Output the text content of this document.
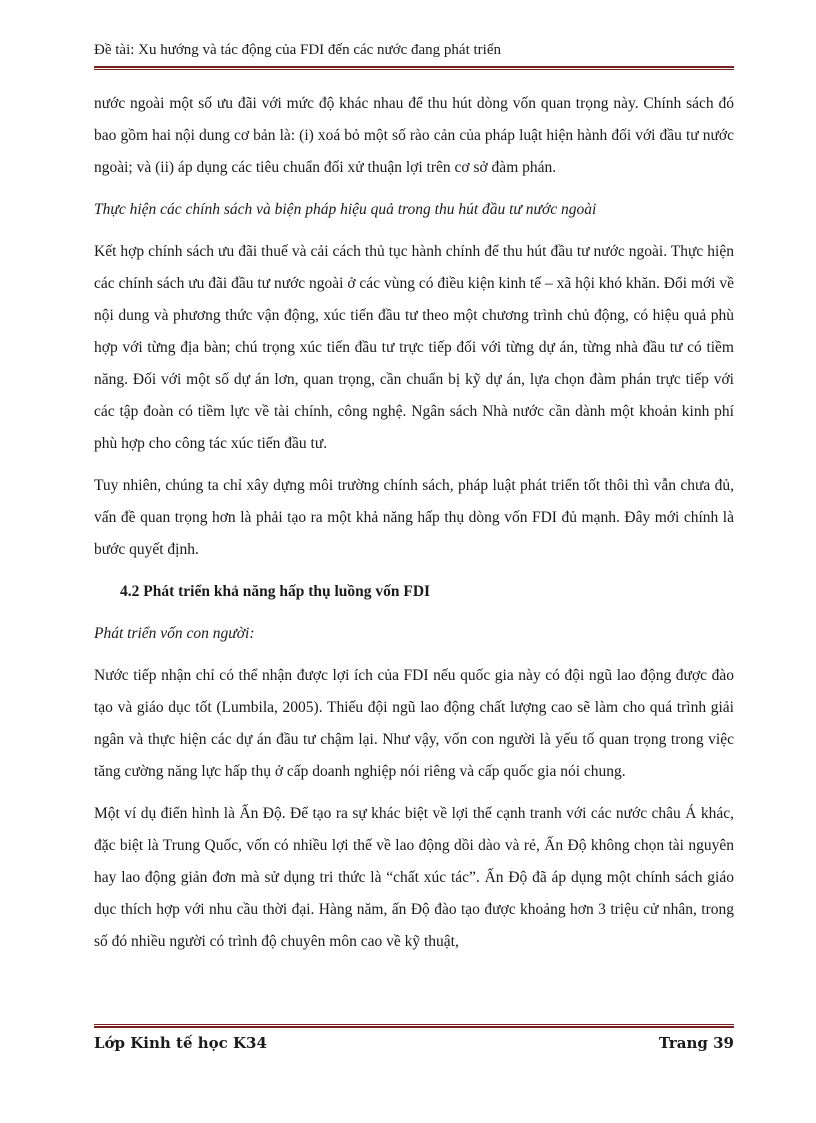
Đề tài: Xu hướng và tác động của FDI đến các nước đang phát triển

nước ngoài một số ưu đãi với mức độ khác nhau để thu hút dòng vốn quan trọng này. Chính sách đó bao gồm hai nội dung cơ bản là: (i) xoá bỏ một số rào cản của pháp luật hiện hành đối với đầu tư nước ngoài; và (ii) áp dụng các tiêu chuẩn đối xử thuận lợi trên cơ sở đàm phán.

Thực hiện các chính sách và biện pháp hiệu quả trong thu hút đầu tư nước ngoài

Kết hợp chính sách ưu đãi thuế và cải cách thủ tục hành chính để thu hút đầu tư nước ngoài. Thực hiện các chính sách ưu đãi đầu tư nước ngoài ở các vùng có điều kiện kinh tế – xã hội khó khăn. Đổi mới về nội dung và phương thức vận động, xúc tiến đầu tư theo một chương trình chủ động, có hiệu quả phù hợp với từng địa bàn; chú trọng xúc tiến đầu tư trực tiếp đối với từng dự án, từng nhà đầu tư có tiềm năng. Đối với một số dự án lơn, quan trọng, cần chuẩn bị kỹ dự án, lựa chọn đàm phán trực tiếp với các tập đoàn có tiềm lực về tài chính, công nghệ. Ngân sách Nhà nước cần dành một khoản kinh phí phù hợp cho công tác xúc tiến đầu tư.

Tuy nhiên, chúng ta chỉ xây dựng môi trường chính sách, pháp luật phát triển tốt thôi thì vẫn chưa đủ, vấn đề quan trọng hơn là phải tạo ra một khả năng hấp thụ dòng vốn FDI đủ mạnh. Đây mới chính là bước quyết định.

4.2 Phát triển khả năng hấp thụ luồng vốn FDI

Phát triển vốn con người:

Nước tiếp nhận chỉ có thể nhận được lợi ích của FDI nếu quốc gia này có đội ngũ lao động được đào tạo và giáo dục tốt (Lumbila, 2005). Thiếu đội ngũ lao động chất lượng cao sẽ làm cho quá trình giải ngân và thực hiện các dự án đầu tư chậm lại. Như vậy, vốn con người là yếu tố quan trọng trong việc tăng cường năng lực hấp thụ ở cấp doanh nghiệp nói riêng và cấp quốc gia nói chung.

Một ví dụ điển hình là Ấn Độ. Để tạo ra sự khác biệt về lợi thế cạnh tranh với các nước châu Á khác, đặc biệt là Trung Quốc, vốn có nhiều lợi thế về lao động dồi dào và rẻ, Ấn Độ không chọn tài nguyên hay lao động giản đơn mà sử dụng tri thức là “chất xúc tác”. Ấn Độ đã áp dụng một chính sách giáo dục thích hợp với nhu cầu thời đại. Hàng năm, ấn Độ đào tạo được khoảng hơn 3 triệu cử nhân, trong số đó nhiều người có trình độ chuyên môn cao về kỹ thuật,

Lớp Kinh tế học K34	Trang 39
